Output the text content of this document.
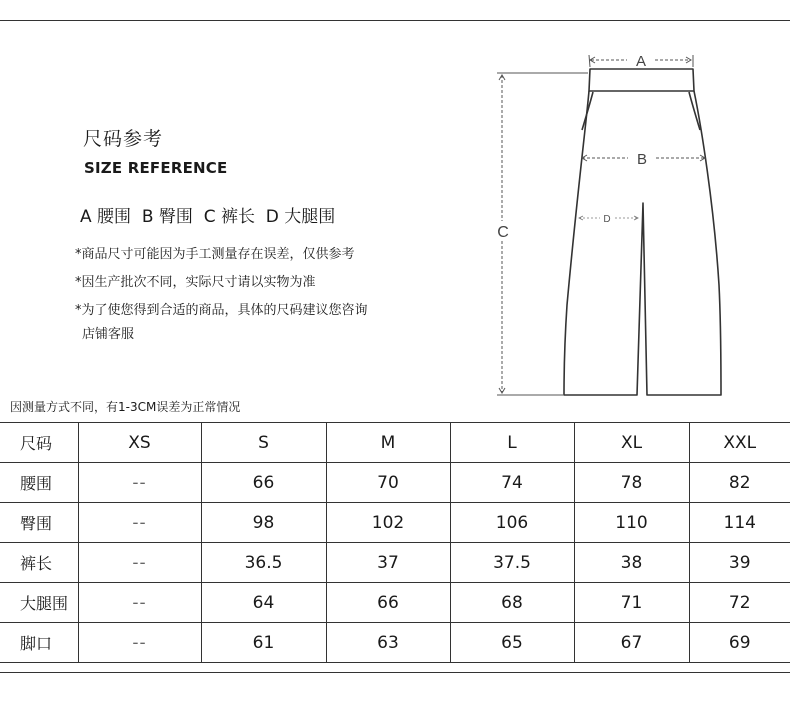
尺码参考
SIZE REFERENCE
A 腰围  B 臀围  C 裤长  D 大腿围
*商品尺寸可能因为手工测量存在误差，仅供参考
*因生产批次不同，实际尺寸请以实物为准
*为了使您得到合适的商品，具体的尺码建议您咨询
店铺客服
A
B
D
C
因测量方式不同，有1-3CM误差为正常情况
尺码	XS	S	M	L	XL	XXL
腰围	--	66	70	74	78	82
臀围	--	98	102	106	110	114
裤长	--	36.5	37	37.5	38	39
大腿围	--	64	66	68	71	72
脚口	--	61	63	65	67	69
